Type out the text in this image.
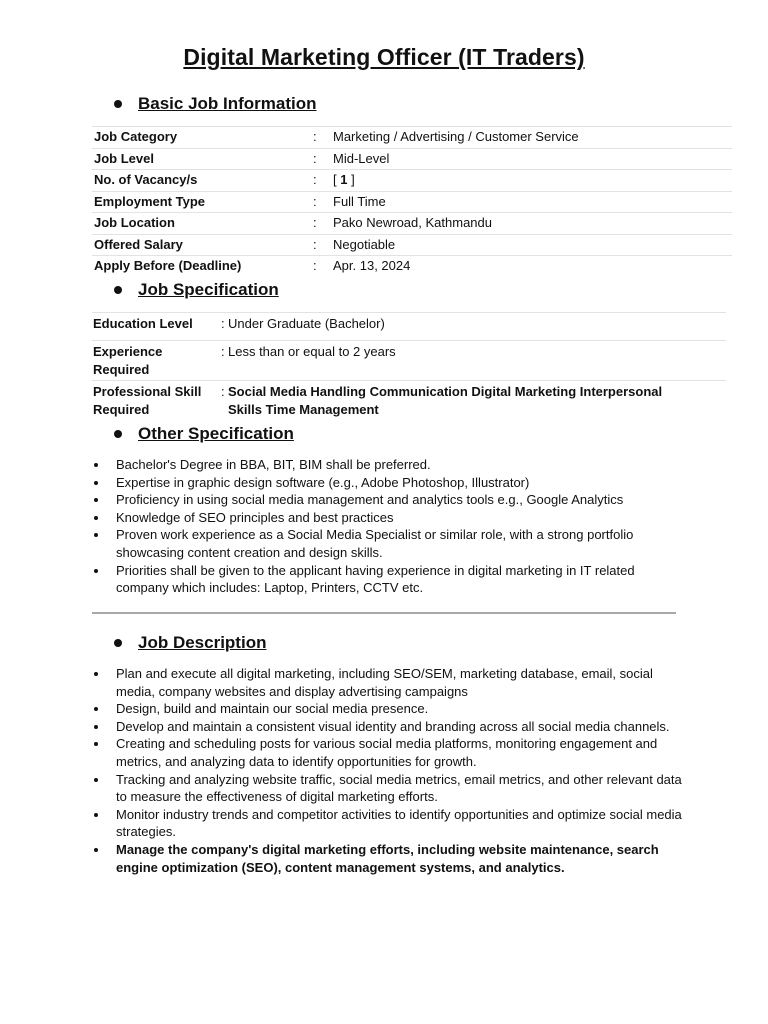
Digital Marketing Officer (IT Traders)
Basic Job Information
Job Category	: Marketing / Advertising / Customer Service
Job Level	: Mid-Level
No. of Vacancy/s	: [ 1 ]
Employment Type	: Full Time
Job Location	: Pako Newroad, Kathmandu
Offered Salary	: Negotiable
Apply Before (Deadline)	: Apr. 13, 2024
Job Specification
Education Level	: Under Graduate (Bachelor)
Experience Required
: Less than or equal to 2 years
Professional Skill Required
: Social Media Handling Communication Digital Marketing Interpersonal Skills Time Management
Other Specification
Bachelor's Degree in BBA, BIT, BIM shall be preferred.
Expertise in graphic design software (e.g., Adobe Photoshop, Illustrator)
Proficiency in using social media management and analytics tools e.g., Google Analytics
Knowledge of SEO principles and best practices
Proven work experience as a Social Media Specialist or similar role, with a strong portfolio showcasing content creation and design skills.
Priorities shall be given to the applicant having experience in digital marketing in IT related company which includes: Laptop, Printers, CCTV etc.
Job Description
Plan and execute all digital marketing, including SEO/SEM, marketing database, email, social media, company websites and display advertising campaigns
Design, build and maintain our social media presence.
Develop and maintain a consistent visual identity and branding across all social media channels.
Creating and scheduling posts for various social media platforms, monitoring engagement and metrics, and analyzing data to identify opportunities for growth.
Tracking and analyzing website traffic, social media metrics, email metrics, and other relevant data to measure the effectiveness of digital marketing efforts.
Monitor industry trends and competitor activities to identify opportunities and optimize social media strategies.
Manage the company's digital marketing efforts, including website maintenance, search engine optimization (SEO), content management systems, and analytics.
